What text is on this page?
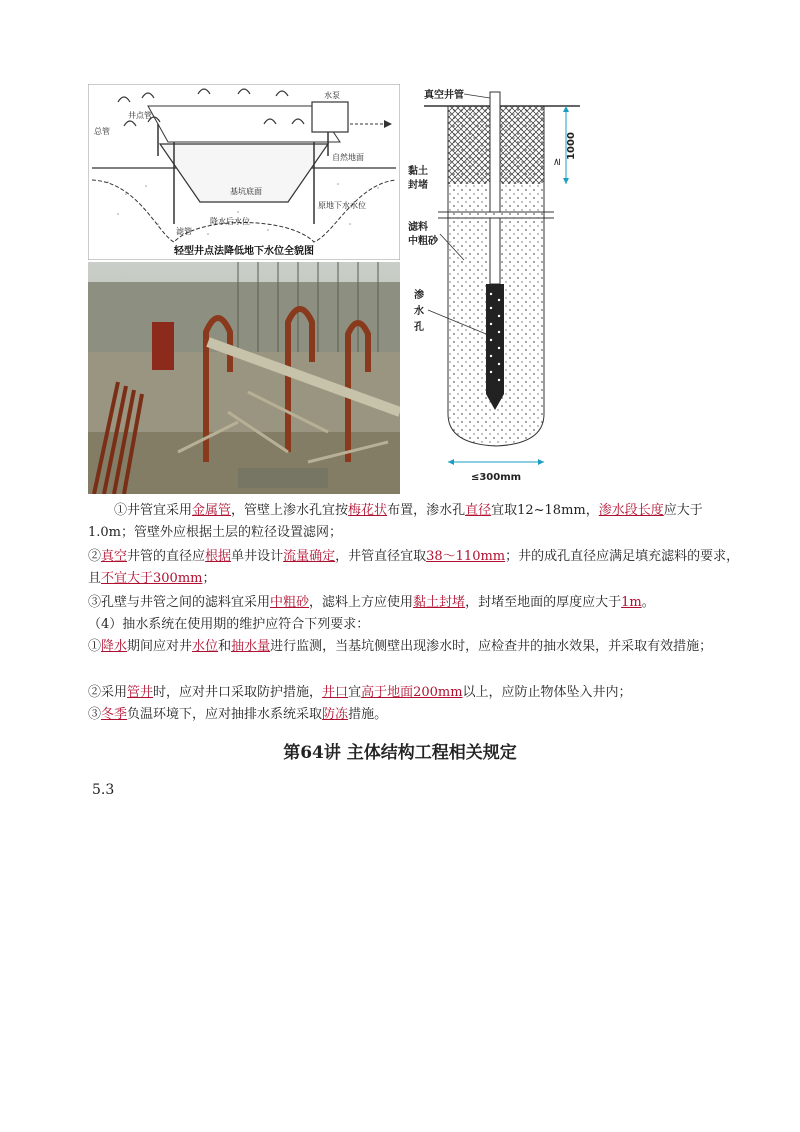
水泵
井点管
总管
自然地面
基坑底面
原地下水水位
降水后水位
滤管
轻型井点法降低地下水位全貌图
1000
≥
≤300mm
真空井管
黏土
封堵
滤料
中粗砂
渗
水
孔

①井管宜采用金属管，管壁上渗水孔宜按梅花状布置，渗水孔直径宜取12~18mm，渗水段长度应大于1.0m；管壁外应根据土层的粒径设置滤网；

②真空井管的直径应根据单井设计流量确定，井管直径宜取38～110mm；井的成孔直径应满足填充滤料的要求，且不宜大于300mm；

③孔壁与井管之间的滤料宜采用中粗砂，滤料上方应使用黏土封堵，封堵至地面的厚度应大于1m。

（4）抽水系统在使用期的维护应符合下列要求：

①降水期间应对井水位和抽水量进行监测，当基坑侧壁出现渗水时，应检查井的抽水效果，并采取有效措施；

②采用管井时，应对井口采取防护措施，井口宜高于地面200mm以上，应防止物体坠入井内；

③冬季负温环境下，应对抽排水系统采取防冻措施。

第64讲 主体结构工程相关规定

5.3
